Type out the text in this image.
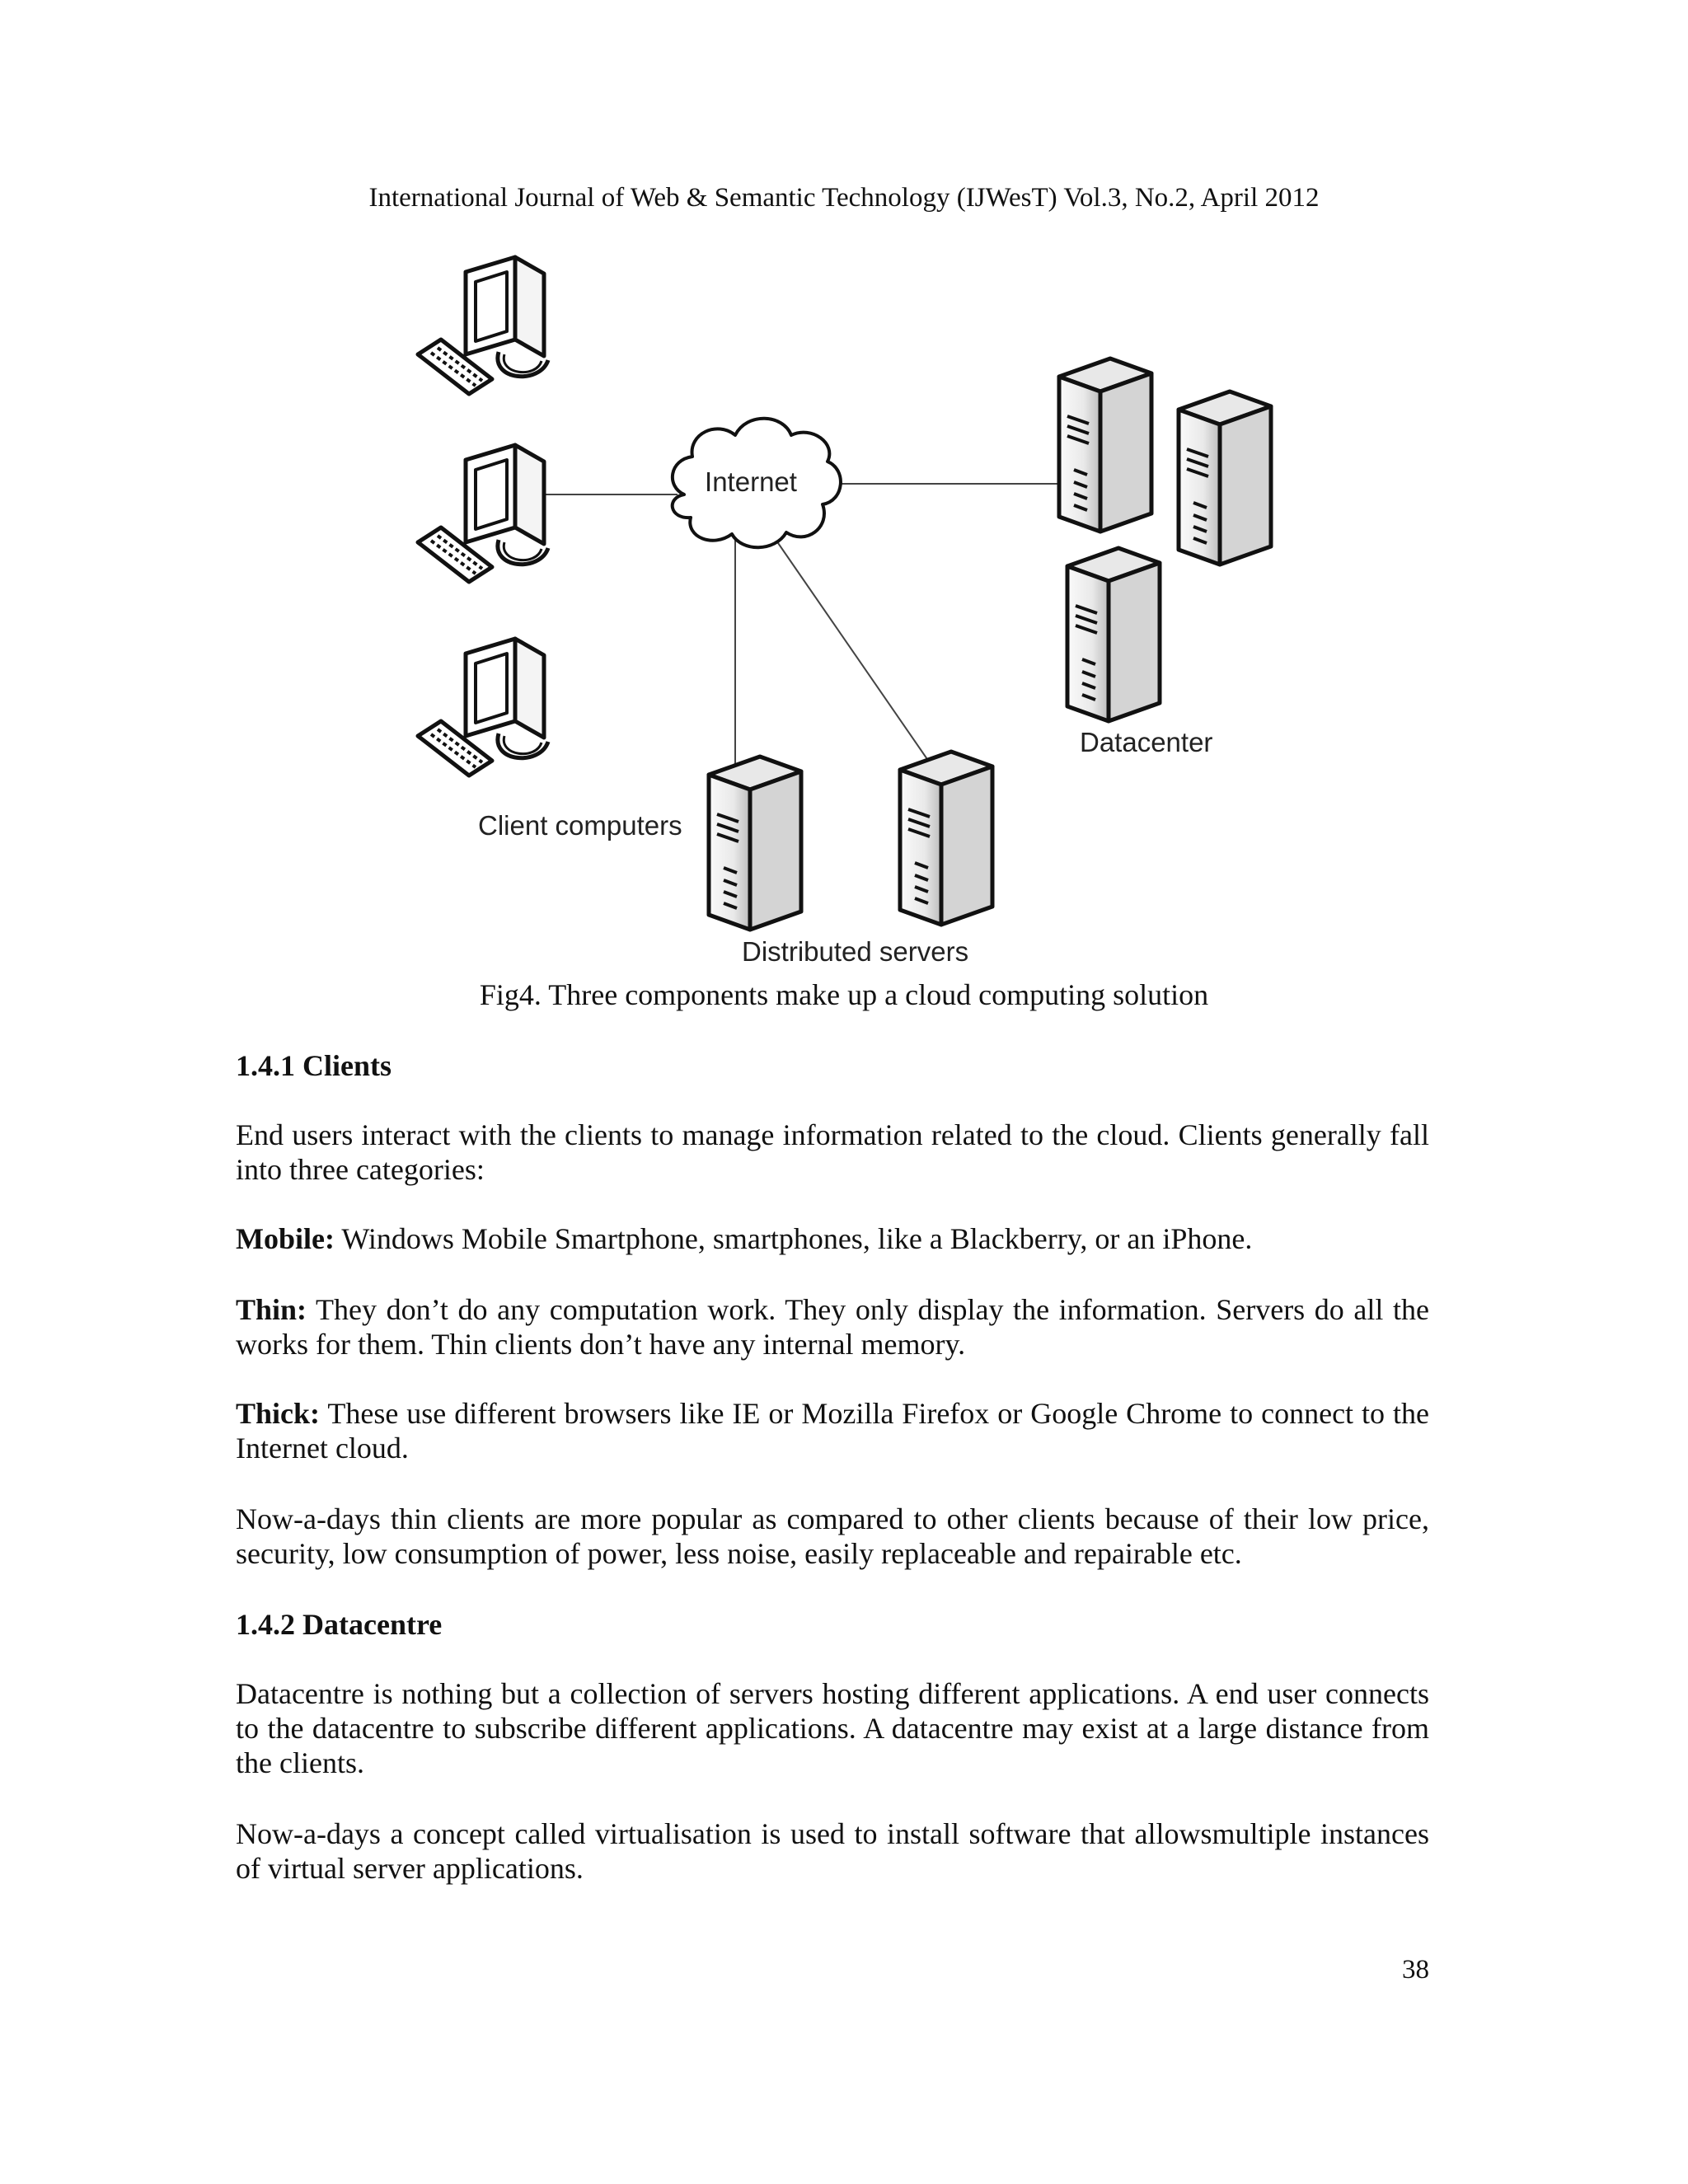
International Journal of Web & Semantic Technology (IJWesT) Vol.3, No.2, April 2012
Internet
Client computers
Datacenter
Distributed servers
Fig4. Three components make up a cloud computing solution
1.4.1 Clients
End users interact with the clients to manage information related to the cloud. Clients generally fall into three categories:
Mobile: Windows Mobile Smartphone, smartphones, like a Blackberry, or an iPhone.
Thin: They don’t do any computation work. They only display the information. Servers do all the works for them. Thin clients don’t have any internal memory.
Thick: These use different browsers like IE or Mozilla Firefox or Google Chrome to connect to the Internet cloud.
Now-a-days thin clients are more popular as compared to other clients because of their low price, security, low consumption of power, less noise, easily replaceable and repairable etc.
1.4.2 Datacentre
Datacentre is nothing but a collection of servers hosting different applications. A end user connects to the datacentre to subscribe different applications. A datacentre may exist at a large distance from the clients.
Now-a-days a concept called virtualisation is used to install software that allowsmultiple instances of virtual server applications.
38
